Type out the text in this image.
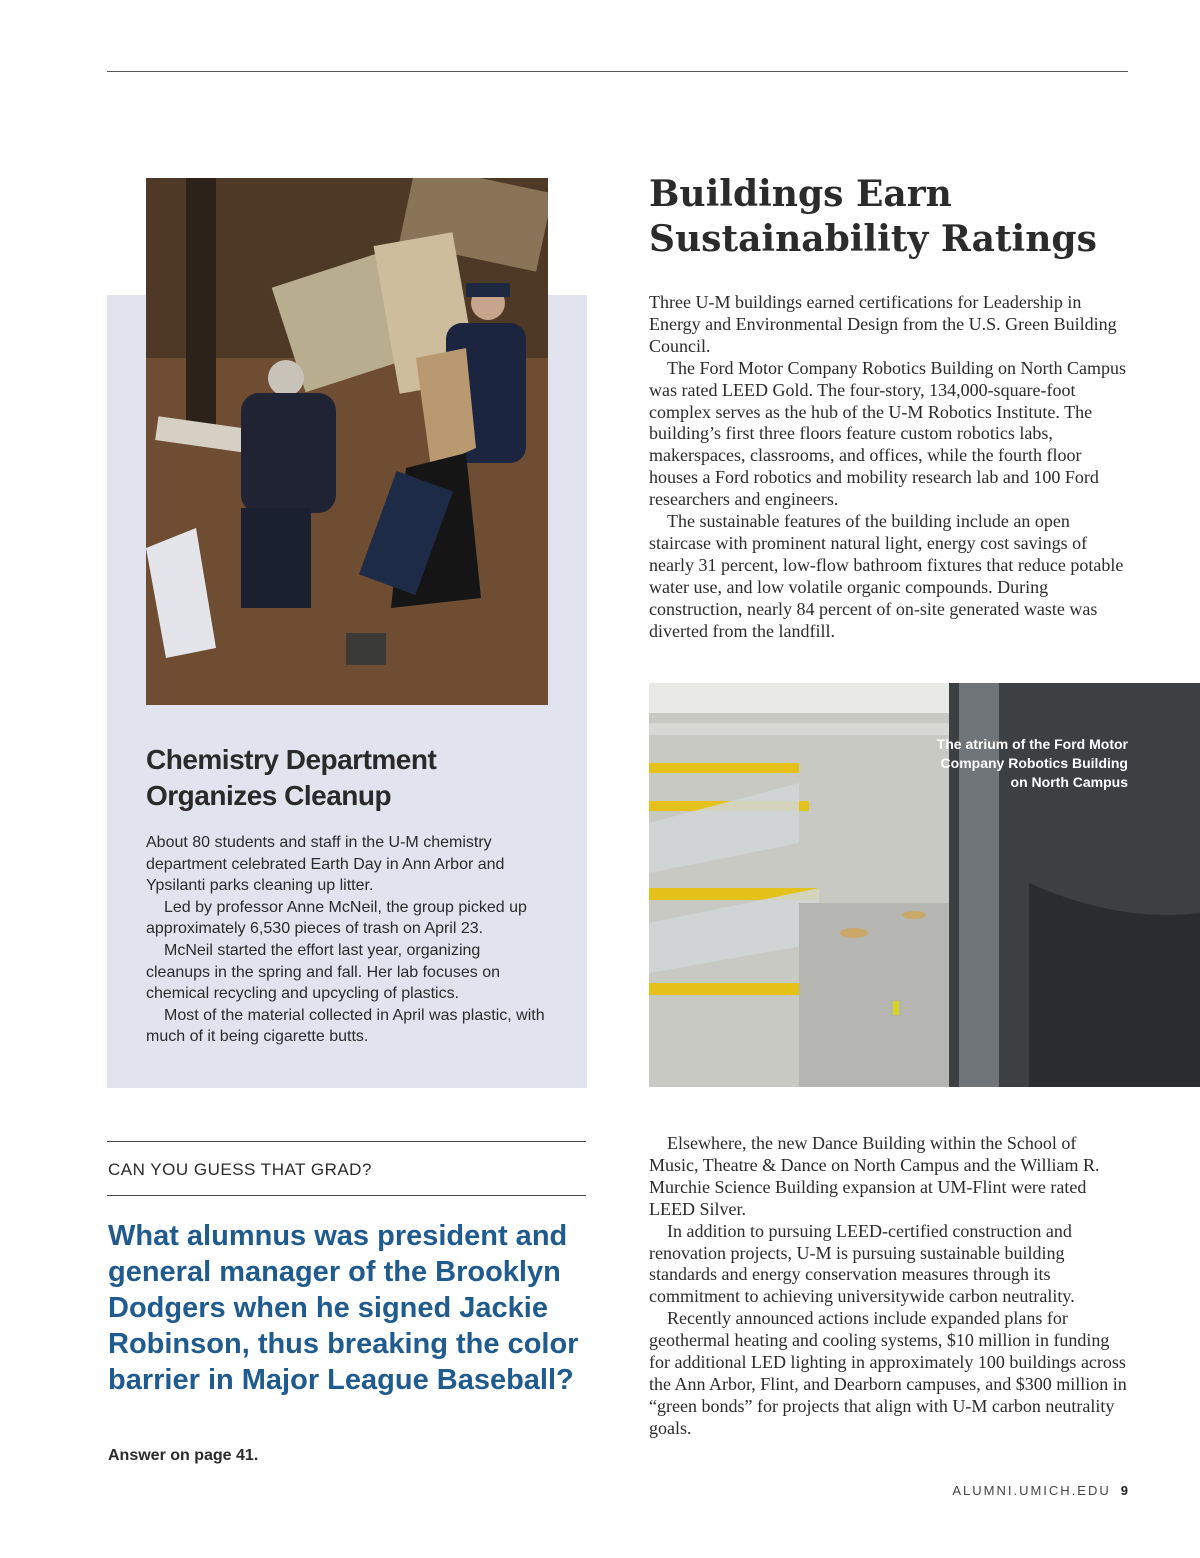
Chemistry Department Organizes Cleanup

About 80 students and staff in the U-M chemistry department celebrated Earth Day in Ann Arbor and Ypsilanti parks cleaning up litter.

Led by professor Anne McNeil, the group picked up approximately 6,530 pieces of trash on April 23.

McNeil started the effort last year, organizing cleanups in the spring and fall. Her lab focuses on chemical recycling and upcycling of plastics.

Most of the material collected in April was plastic, with much of it being cigarette butts.

CAN YOU GUESS THAT GRAD?
What alumnus was president and general manager of the Brooklyn Dodgers when he signed Jackie Robinson, thus breaking the color barrier in Major League Baseball?
Answer on page 41.
Buildings Earn Sustainability Ratings

Three U-M buildings earned certifications for Leadership in Energy and Environmental Design from the U.S. Green Building Council.

The Ford Motor Company Robotics Building on North Campus was rated LEED Gold. The four-story, 134,000-square-foot complex serves as the hub of the U-M Robotics Institute. The building’s first three floors feature custom robotics labs, makerspaces, classrooms, and offices, while the fourth floor houses a Ford robotics and mobility research lab and 100 Ford researchers and engineers.

The sustainable features of the building include an open staircase with prominent natural light, energy cost savings of nearly 31 percent, low-flow bathroom fixtures that reduce potable water use, and low volatile organic compounds. During construction, nearly 84 percent of on-site generated waste was diverted from the landfill.

The atrium of the Ford Motor Company Robotics Building on North Campus

Elsewhere, the new Dance Building within the School of Music, Theatre & Dance on North Campus and the William R. Murchie Science Building expansion at UM-Flint were rated LEED Silver.

In addition to pursuing LEED-certified construction and renovation projects, U-M is pursuing sustainable building standards and energy conservation measures through its commitment to achieving universitywide carbon neutrality.

Recently announced actions include expanded plans for geothermal heating and cooling systems, $10 million in funding for additional LED lighting in approximately 100 buildings across the Ann Arbor, Flint, and Dearborn campuses, and $300 million in “green bonds” for projects that align with U-M carbon neutrality goals.

ALUMNI.UMICH.EDU 9
